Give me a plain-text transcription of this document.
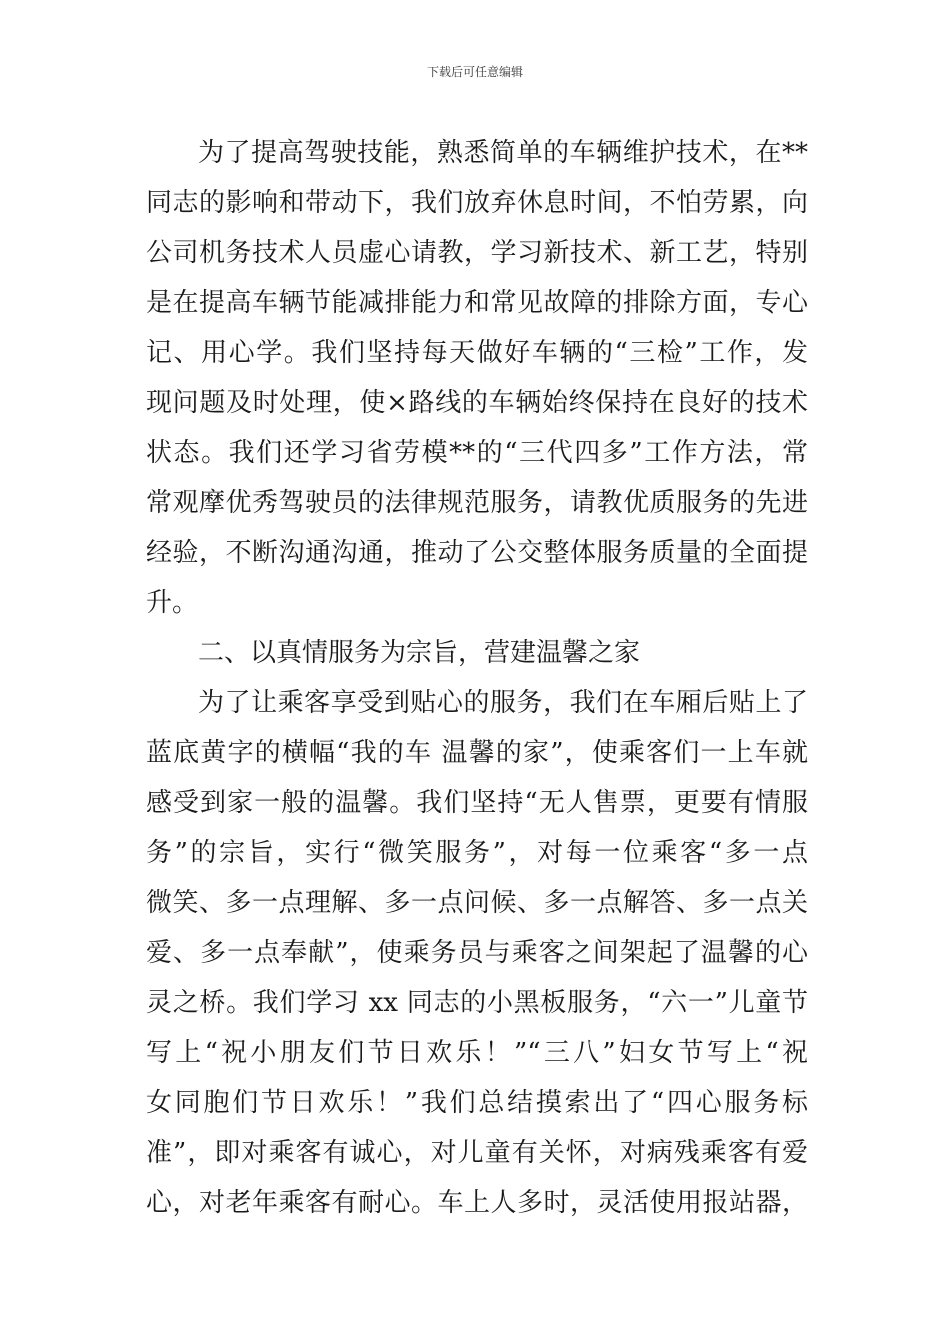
下载后可任意编辑
为了提高驾驶技能，熟悉简单的车辆维护技术，在**
同志的影响和带动下，我们放弃休息时间，不怕劳累，向
公司机务技术人员虚心请教，学习新技术、新工艺，特别
是在提高车辆节能减排能力和常见故障的排除方面，专心
记、用心学。我们坚持每天做好车辆的“三检”工作，发
现问题及时处理，使×路线的车辆始终保持在良好的技术
状态。我们还学习省劳模**的“三代四多”工作方法，常
常观摩优秀驾驶员的法律规范服务，请教优质服务的先进
经验，不断沟通沟通，推动了公交整体服务质量的全面提
升。
二、以真情服务为宗旨，营建温馨之家
为了让乘客享受到贴心的服务，我们在车厢后贴上了
蓝底黄字的横幅“我的车 温馨的家”，使乘客们一上车就
感受到家一般的温馨。我们坚持“无人售票，更要有情服
务”的宗旨，实行“微笑服务”，对每一位乘客“多一点
微笑、多一点理解、多一点问候、多一点解答、多一点关
爱、多一点奉献”，使乘务员与乘客之间架起了温馨的心
灵之桥。我们学习 xx 同志的小黑板服务，“六一”儿童节
写上“祝小朋友们节日欢乐！”“三八”妇女节写上“祝
女同胞们节日欢乐！”我们总结摸索出了“四心服务标
准”，即对乘客有诚心，对儿童有关怀，对病残乘客有爱
心，对老年乘客有耐心。车上人多时，灵活使用报站器，
